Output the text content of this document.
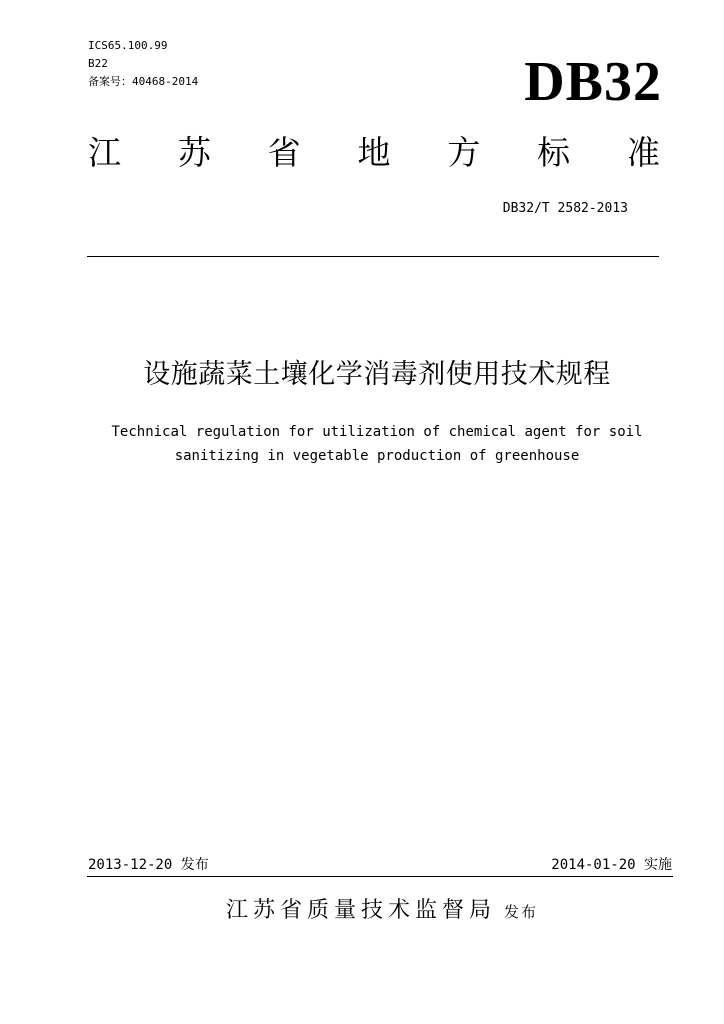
ICS65.100.99
B22
备案号：40468-2014	DB32
江 苏 省 地 方 标 准
DB32/T 2582-2013
设施蔬菜土壤化学消毒剂使用技术规程
Technical regulation for utilization of chemical agent for soil
sanitizing in vegetable production of greenhouse
2013-12-20 发布	2014-01-20 实施
江苏省质量技术监督局 发布
